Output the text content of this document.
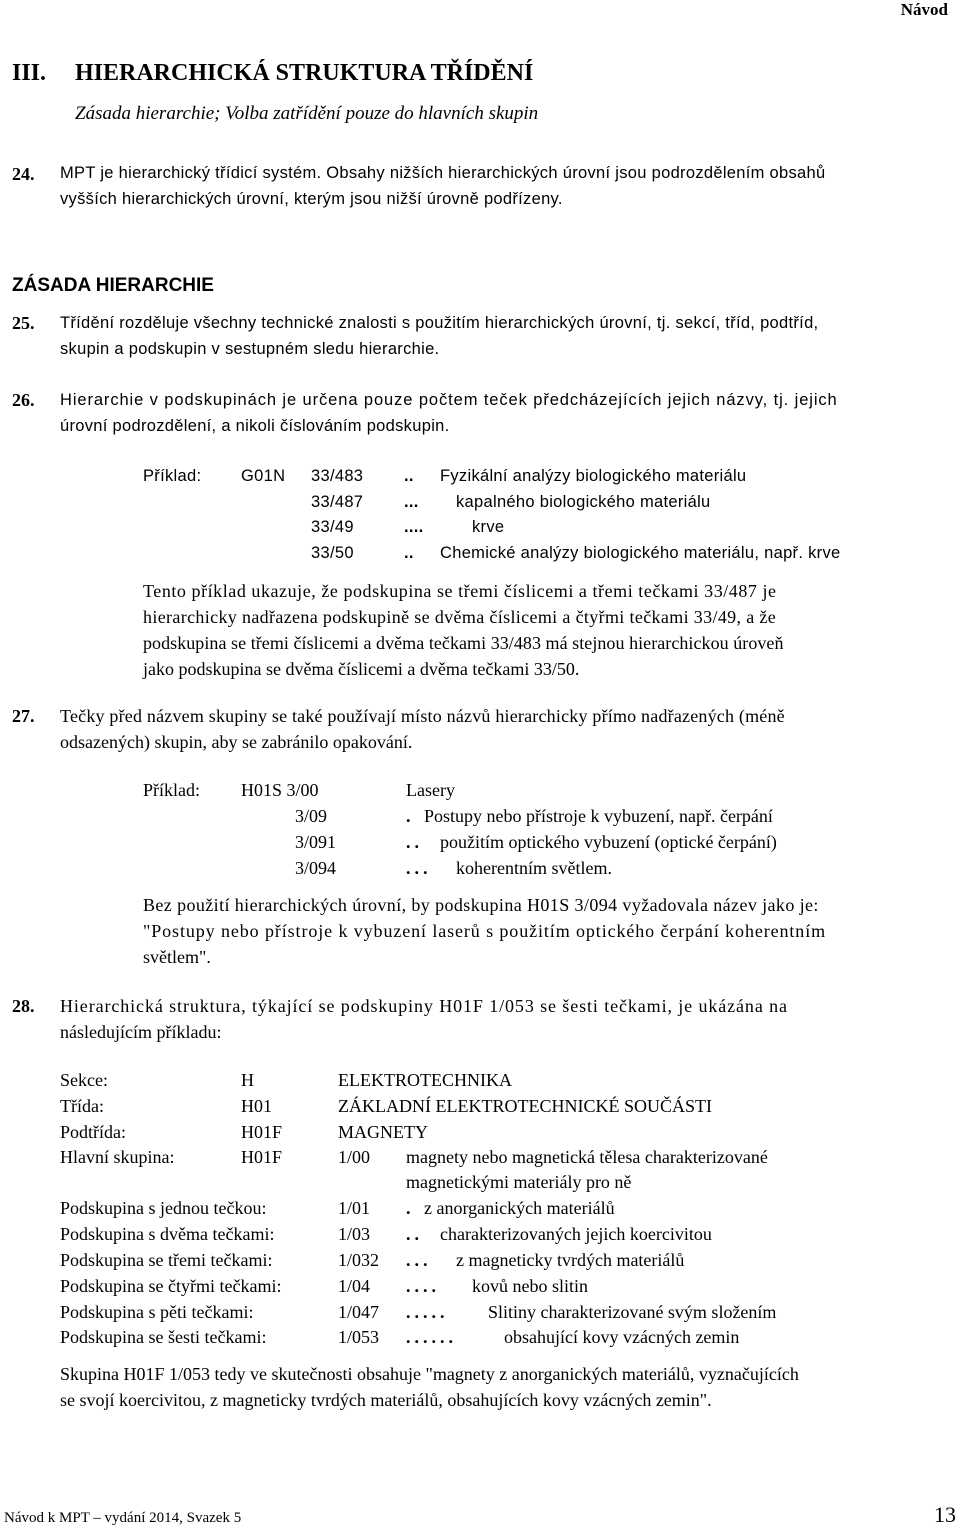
Návod
III. HIERARCHICKÁ STRUKTURA TŘÍDĚNÍ
Zásada hierarchie; Volba zatřídění pouze do hlavních skupin
24. MPT je hierarchický třídicí systém. Obsahy nižších hierarchických úrovní jsou podrozdělením obsahů
vyšších hierarchických úrovní, kterým jsou nižší úrovně podřízeny.
ZÁSADA HIERARCHIE
25. Třídění rozděluje všechny technické znalosti s použitím hierarchických úrovní, tj. sekcí, tříd, podtříd,
skupin a podskupin v sestupném sledu hierarchie.
26. Hierarchie v podskupinách je určena pouze počtem teček předcházejících jejich názvy, tj. jejich
úrovní podrozdělení, a nikoli číslováním podskupin.
Příklad: G01N 33/483 .. Fyzikální analýzy biologického materiálu
33/487 ... kapalného biologického materiálu
33/49	....	krve
33/50	.. Chemické analýzy biologického materiálu, např. krve
Tento příklad ukazuje, že podskupina se třemi číslicemi a třemi tečkami 33/487 je
hierarchicky nadřazena podskupině se dvěma číslicemi a čtyřmi tečkami 33/49, a že
podskupina se třemi číslicemi a dvěma tečkami 33/483 má stejnou hierarchickou úroveň
jako podskupina se dvěma číslicemi a dvěma tečkami 33/50.
27. Tečky před názvem skupiny se také používají místo názvů hierarchicky přímo nadřazených (méně
odsazených) skupin, aby se zabránilo opakování.
Příklad: H01S 3/00	Lasery
3/09	. Postupy nebo přístroje k vybuzení, např. čerpání
3/091	.. použitím optického vybuzení (optické čerpání)
3/094	... koherentním světlem.
Bez použití hierarchických úrovní, by podskupina H01S 3/094 vyžadovala název jako je:
"Postupy nebo přístroje k vybuzení laserů s použitím optického čerpání koherentním
světlem".
28. Hierarchická struktura, týkající se podskupiny H01F 1/053 se šesti tečkami, je ukázána na
následujícím příkladu:
Sekce:	H	ELEKTROTECHNIKA
Třída:	H01	ZÁKLADNÍ ELEKTROTECHNICKÉ SOUČÁSTI
Podtřída:	H01F	MAGNETY
Hlavní skupina:	H01F	1/00 magnety nebo magnetická tělesa charakterizované
magnetickými materiály pro ně
Podskupina s jednou tečkou:	1/01 . z anorganických materiálů
Podskupina s dvěma tečkami:	1/03 .. charakterizovaných jejich koercivitou
Podskupina se třemi tečkami:	1/032 ... z magneticky tvrdých materiálů
Podskupina se čtyřmi tečkami:	1/04 .... kovů nebo slitin
Podskupina s pěti tečkami:	1/047 ..... Slitiny charakterizované svým složením
Podskupina se šesti tečkami:	1/053 ......	obsahující kovy vzácných zemin
Skupina H01F 1/053 tedy ve skutečnosti obsahuje "magnety z anorganických materiálů, vyznačujících
se svojí koercivitou, z magneticky tvrdých materiálů, obsahujících kovy vzácných zemin".
Návod k MPT – vydání 2014, Svazek 5	13
